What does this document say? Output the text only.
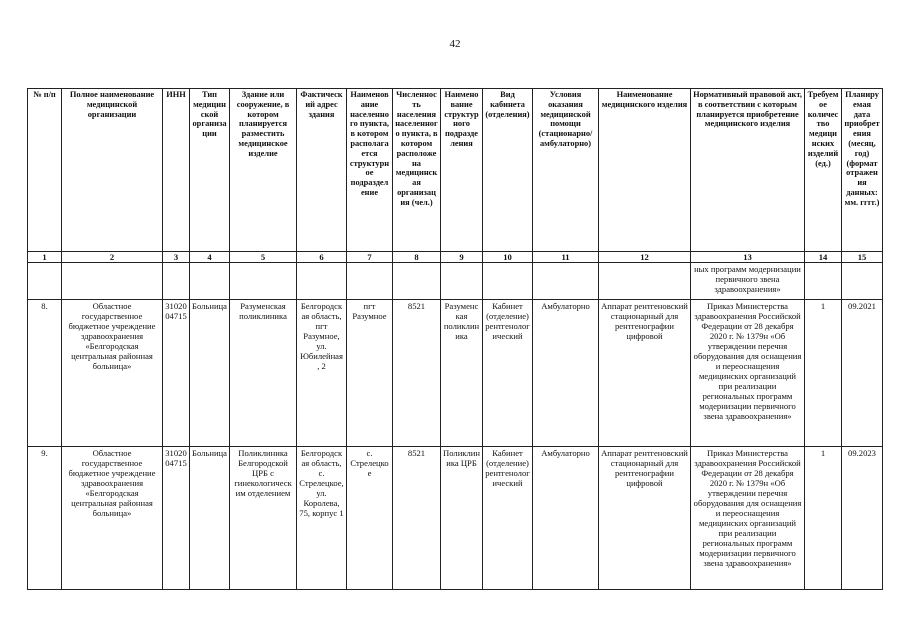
42
№ п/п	Полное наименование медицинской организации	ИНН	Тип медицинской организации	Здание или сооружение, в котором планируется разместить медицинское изделие	Фактический адрес здания	Наименование населенного пункта, в котором располагается структурное подразделение	Численность населения населенного пункта, в котором расположена медицинская организация (чел.)	Наименование структурного подразделения	Вид кабинета (отделения)	Условия оказания медицинской помощи (стационарно/амбулаторно)	Наименование медицинского изделия	Нормативный правовой акт, в соответствии с которым планируется приобретение медицинского изделия	Требуемое количество медицинских изделий (ед.)	Планируемая дата приобретения (месяц, год) (формат отражения данных: мм. гггг.)
1	2	3	4	5	6	7	8	9	10	11	12	13	14	15
												ных программ модернизации первичного звена здравоохранения»		
8.	Областное государственное бюджетное учреждение здравоохранения «Белгородская центральная районная больница»	3102004715	Больница	Разуменская поликлиника	Белгородская область, пгт Разумное, ул. Юбилейная, 2	пгт Разумное	8521	Разуменская поликлиника	Кабинет (отделение) рентгенологический	Амбулаторно	Аппарат рентгеновский стационарный для рентгенографии цифровой	Приказ Министерства здравоохранения Российской Федерации от 28 декабря 2020 г. № 1379н «Об утверждении перечня оборудования для оснащения и переоснащения медицинских организаций при реализации региональных программ модернизации первичного звена здравоохранения»	1	09.2021
9.	Областное государственное бюджетное учреждение здравоохранения «Белгородская центральная районная больница»	3102004715	Больница	Поликлиника Белгородской ЦРБ с гинекологическим отделением	Белгородская область, с. Стрелецкое, ул. Королева, 75, корпус 1	с. Стрелецкое	8521	Поликлиника ЦРБ	Кабинет (отделение) рентгенологический	Амбулаторно	Аппарат рентгеновский стационарный для рентгенографии цифровой	Приказ Министерства здравоохранения Российской Федерации от 28 декабря 2020 г. № 1379н «Об утверждении перечня оборудования для оснащения и переоснащения медицинских организаций при реализации региональных программ модернизации первичного звена здравоохранения»	1	09.2023
